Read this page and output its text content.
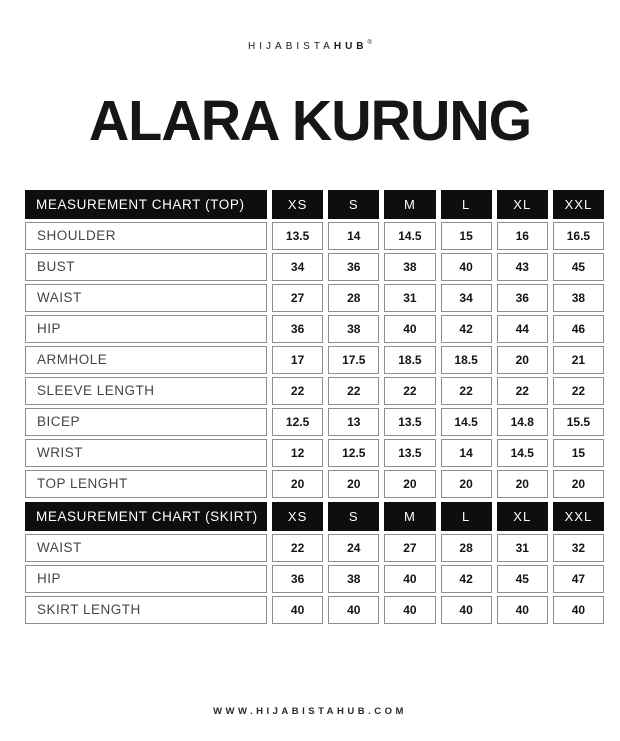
HIJABISTAHUB®
ALARA KURUNG
MEASUREMENT CHART (TOP)	XS	S	M	L	XL	XXL
SHOULDER	13.5	14	14.5	15	16	16.5
BUST	34	36	38	40	43	45
WAIST	27	28	31	34	36	38
HIP	36	38	40	42	44	46
ARMHOLE	17	17.5	18.5	18.5	20	21
SLEEVE LENGTH	22	22	22	22	22	22
BICEP	12.5	13	13.5	14.5	14.8	15.5
WRIST	12	12.5	13.5	14	14.5	15
TOP LENGHT	20	20	20	20	20	20
MEASUREMENT CHART (SKIRT)	XS	S	M	L	XL	XXL
WAIST	22	24	27	28	31	32
HIP	36	38	40	42	45	47
SKIRT LENGTH	40	40	40	40	40	40
WWW.HIJABISTAHUB.COM
